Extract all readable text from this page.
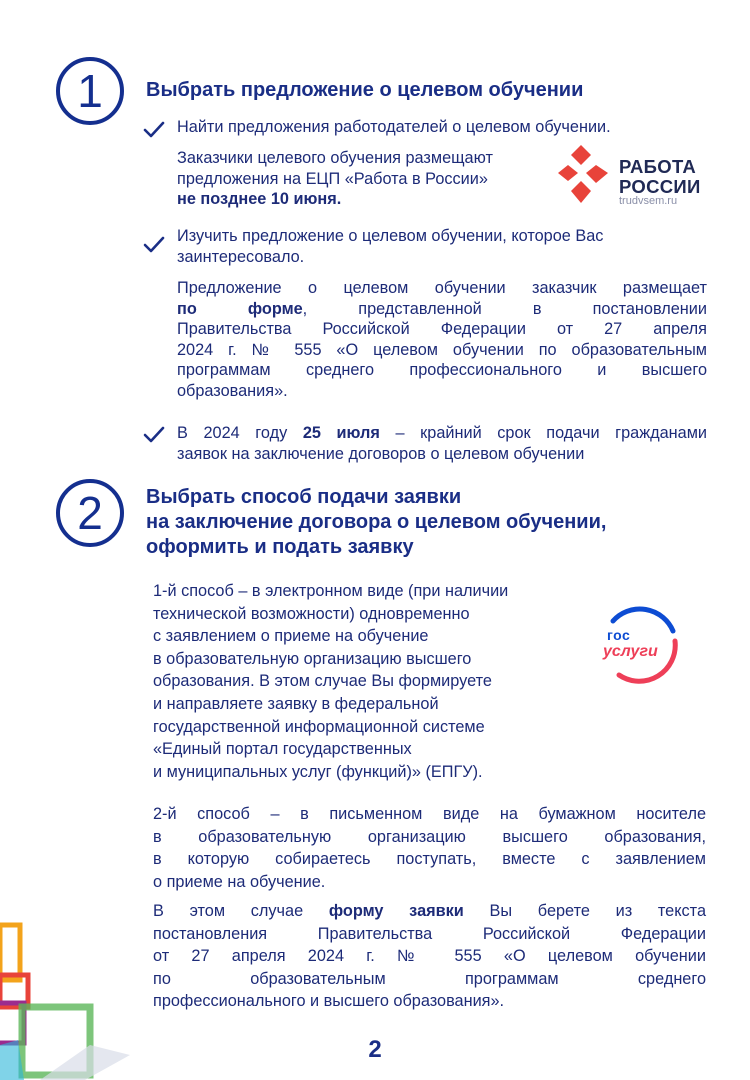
1 Выбрать предложение о целевом обучении
Найти предложения работодателей о целевом обучении.
Заказчики целевого обучения размещают
предложения на ЕЦП «Работа в России»
не позднее 10 июня.
РАБОТА
РОССИИ
trudvsem.ru
Изучить предложение о целевом обучении, которое Вас
заинтересовало.
Предложение о целевом обучении заказчик размещает
по форме, представленной в постановлении
Правительства Российской Федерации от 27 апреля
2024 г. № 555 «О целевом обучении по образовательным
программам среднего профессионального и высшего
образования».
В 2024 году 25 июля – крайний срок подачи гражданами
заявок на заключение договоров о целевом обучении
2 Выбрать способ подачи заявки
на заключение договора о целевом обучении,
оформить и подать заявку
1-й способ – в электронном виде (при наличии
технической возможности) одновременно
с заявлением о приеме на обучение
в образовательную организацию высшего
образования. В этом случае Вы формируете
и направляете заявку в федеральной
государственной информационной системе
«Единый портал государственных
и муниципальных услуг (функций)» (ЕПГУ).
гос
услуги
2-й способ – в письменном виде на бумажном носителе
в образовательную организацию высшего образования,
в которую собираетесь поступать, вместе с заявлением
о приеме на обучение.
В этом случае форму заявки Вы берете из текста
постановления Правительства Российской Федерации
от 27 апреля 2024 г. № 555 «О целевом обучении
по образовательным программам среднего
профессионального и высшего образования».
2
